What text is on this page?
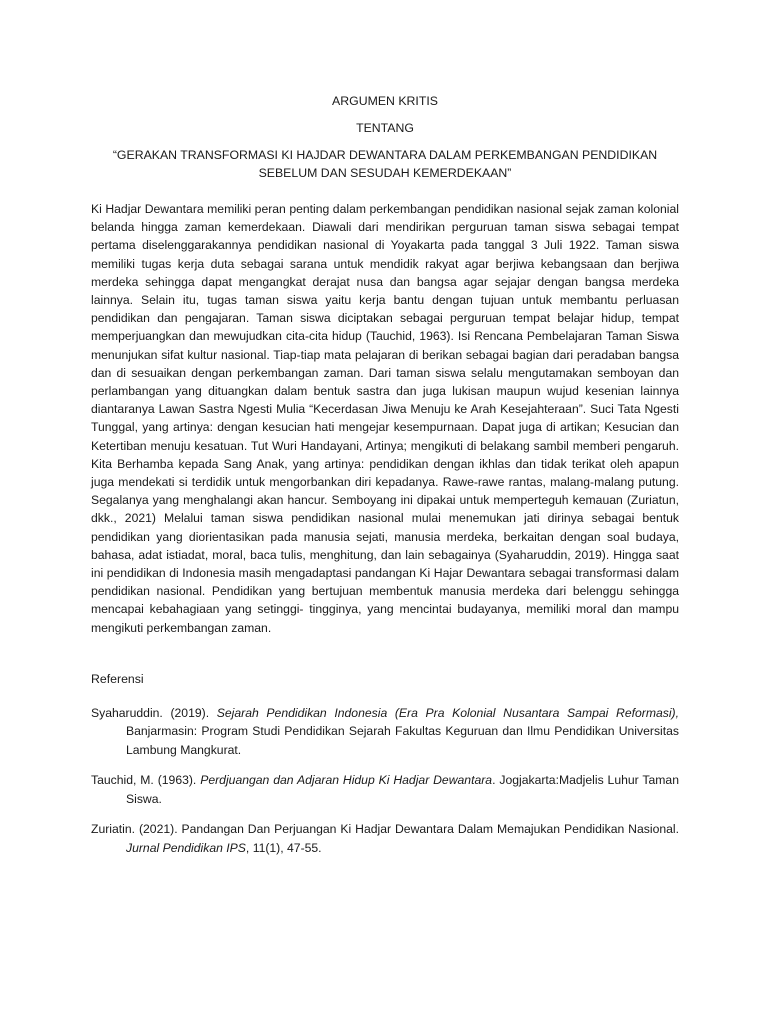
ARGUMEN KRITIS

TENTANG

“GERAKAN TRANSFORMASI KI HAJDAR DEWANTARA DALAM PERKEMBANGAN PENDIDIKAN SEBELUM DAN SESUDAH KEMERDEKAAN”

Ki Hadjar Dewantara memiliki peran penting dalam perkembangan pendidikan nasional sejak zaman kolonial belanda hingga zaman kemerdekaan. Diawali dari mendirikan perguruan taman siswa sebagai tempat pertama diselenggarakannya pendidikan nasional di Yoyakarta pada tanggal 3 Juli 1922. Taman siswa memiliki tugas kerja duta sebagai sarana untuk mendidik rakyat agar berjiwa kebangsaan dan berjiwa merdeka sehingga dapat mengangkat derajat nusa dan bangsa agar sejajar dengan bangsa merdeka lainnya. Selain itu, tugas taman siswa yaitu kerja bantu dengan tujuan untuk membantu perluasan pendidikan dan pengajaran. Taman siswa diciptakan sebagai perguruan tempat belajar hidup, tempat memperjuangkan dan mewujudkan cita-cita hidup (Tauchid, 1963). Isi Rencana Pembelajaran Taman Siswa menunjukan sifat kultur nasional. Tiap-tiap mata pelajaran di berikan sebagai bagian dari peradaban bangsa dan di sesuaikan dengan perkembangan zaman. Dari taman siswa selalu mengutamakan semboyan dan perlambangan yang dituangkan dalam bentuk sastra dan juga lukisan maupun wujud kesenian lainnya diantaranya Lawan Sastra Ngesti Mulia “Kecerdasan Jiwa Menuju ke Arah Kesejahteraan”. Suci Tata Ngesti Tunggal, yang artinya: dengan kesucian hati mengejar kesempurnaan. Dapat juga di artikan; Kesucian dan Ketertiban menuju kesatuan. Tut Wuri Handayani, Artinya; mengikuti di belakang sambil memberi pengaruh. Kita Berhamba kepada Sang Anak, yang artinya: pendidikan dengan ikhlas dan tidak terikat oleh apapun juga mendekati si terdidik untuk mengorbankan diri kepadanya. Rawe-rawe rantas, malang-malang putung. Segalanya yang menghalangi akan hancur. Semboyang ini dipakai untuk memperteguh kemauan (Zuriatun, dkk., 2021) Melalui taman siswa pendidikan nasional mulai menemukan jati dirinya sebagai bentuk pendidikan yang diorientasikan pada manusia sejati, manusia merdeka, berkaitan dengan soal budaya, bahasa, adat istiadat, moral, baca tulis, menghitung, dan lain sebagainya (Syaharuddin, 2019). Hingga saat ini pendidikan di Indonesia masih mengadaptasi pandangan Ki Hajar Dewantara sebagai transformasi dalam pendidikan nasional. Pendidikan yang bertujuan membentuk manusia merdeka dari belenggu sehingga mencapai kebahagiaan yang setinggi- tingginya, yang mencintai budayanya, memiliki moral dan mampu mengikuti perkembangan zaman.

Referensi

Syaharuddin. (2019). Sejarah Pendidikan Indonesia (Era Pra Kolonial Nusantara Sampai Reformasi), Banjarmasin: Program Studi Pendidikan Sejarah Fakultas Keguruan dan Ilmu Pendidikan Universitas Lambung Mangkurat.

Tauchid, M. (1963). Perdjuangan dan Adjaran Hidup Ki Hadjar Dewantara. Jogjakarta:Madjelis Luhur Taman Siswa.

Zuriatin. (2021). Pandangan Dan Perjuangan Ki Hadjar Dewantara Dalam Memajukan Pendidikan Nasional. Jurnal Pendidikan IPS, 11(1), 47-55.
